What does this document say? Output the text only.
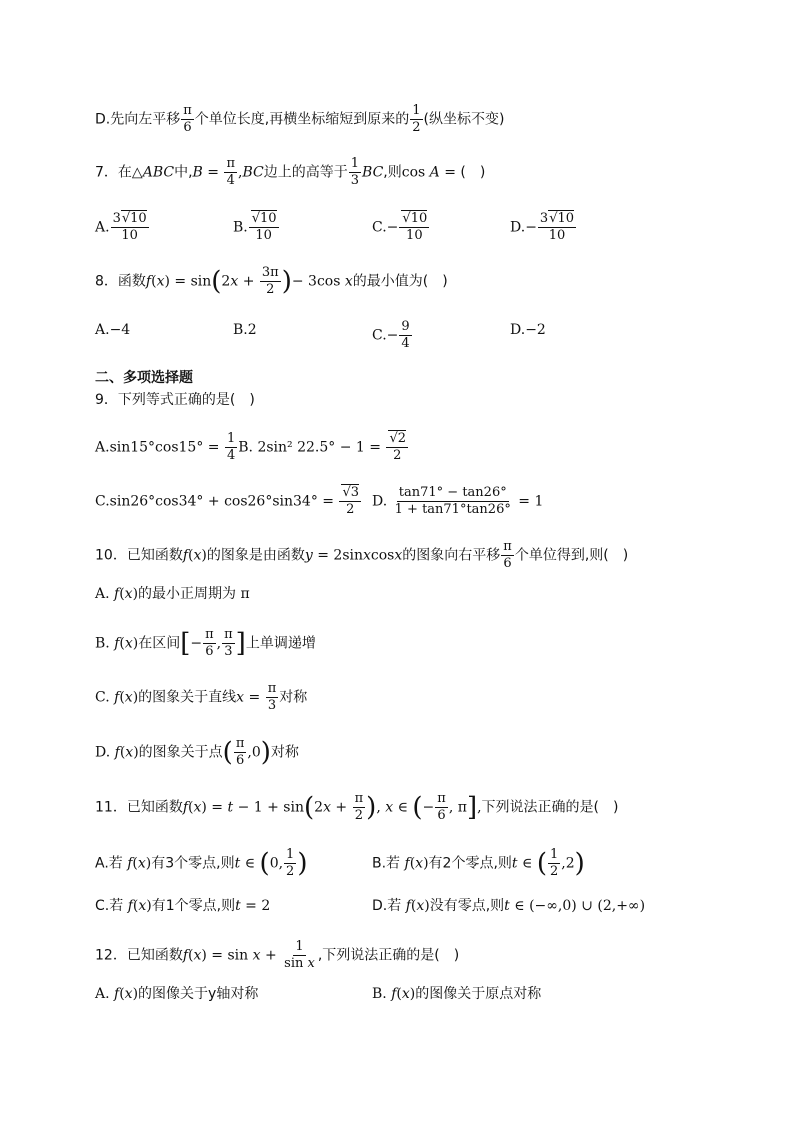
D.先向左平移 $\frac{\pi}{6}$ 个单位长度,再横坐标缩短到原来的 $\frac{1}{2}$ (纵坐标不变)
7．在△ABC中$,B = \frac{\pi}{4} ,BC$边上的高等于 $\frac{1}{3}$ BC,则cos A = (　)
A. $\frac{3√10}{10}$	B. $\frac{√10}{10}$	$C.- \frac{√10}{10}$	$D.- \frac{3√10}{10}$
8．函数$f(x) = \sin(2x + \frac{3\pi}{2}$ )− 3cos x的最小值为(　)
A.−4	B.2	$C.- \frac{9}{4}$	D.−2
二、多项选择题
9．下列等式正确的是(　)
$A.\sin 15^\circ\cos 15^\circ = \frac{1}{4} B$. 2sin² $22.5^\circ - 1 = \frac{√2}{2}$
$C.\sin 26^\circ\cos 34^\circ + \cos 26^\circ\sin 34^\circ = \frac{√3}{2} D$. $\frac{\tan 71^\circ - \tan 26^\circ}{1 + \tan 71^\circ\tan 26^\circ} = 1$
10．已知函数f(x)的图象是由函数y = 2sinxcosx的图象向右平移 $\frac{\pi}{6}$ 个单位得到,则(　)
A. f(x)的最小正周期为 π
B. f(x)在区间[− $\frac{\pi}{6}$ , $\frac{\pi}{3}$ ]上单调递增
C. f(x)的图象关于直线$x = \frac{\pi}{3}$ 对称
D. f(x)的图象关于点( $\frac{\pi}{6} ,0$)对称
11．已知函数$f(x) = t - 1 + \sin(2x + \frac{\pi}{2}$ ), x ∈ (− $\frac{\pi}{6}$ , π],下列说法正确的是(　)
A.若 f(x)有3个零点,则t ∈ (0, $\frac{1}{2}$ )	B.若 f(x)有2个零点,则t ∈ ( $\frac{1}{2} ,2$)
C.若 f(x)有1个零点,则t = 2	D.若 f(x)没有零点,则t ∈ (−∞,0) ∪ (2,+∞)
12．已知函数$f(x) = \sin x + \frac{1}{\text{sin x}}$ ,下列说法正确的是(　)
A. f(x)的图像关于y轴对称	B. f(x)的图像关于原点对称
